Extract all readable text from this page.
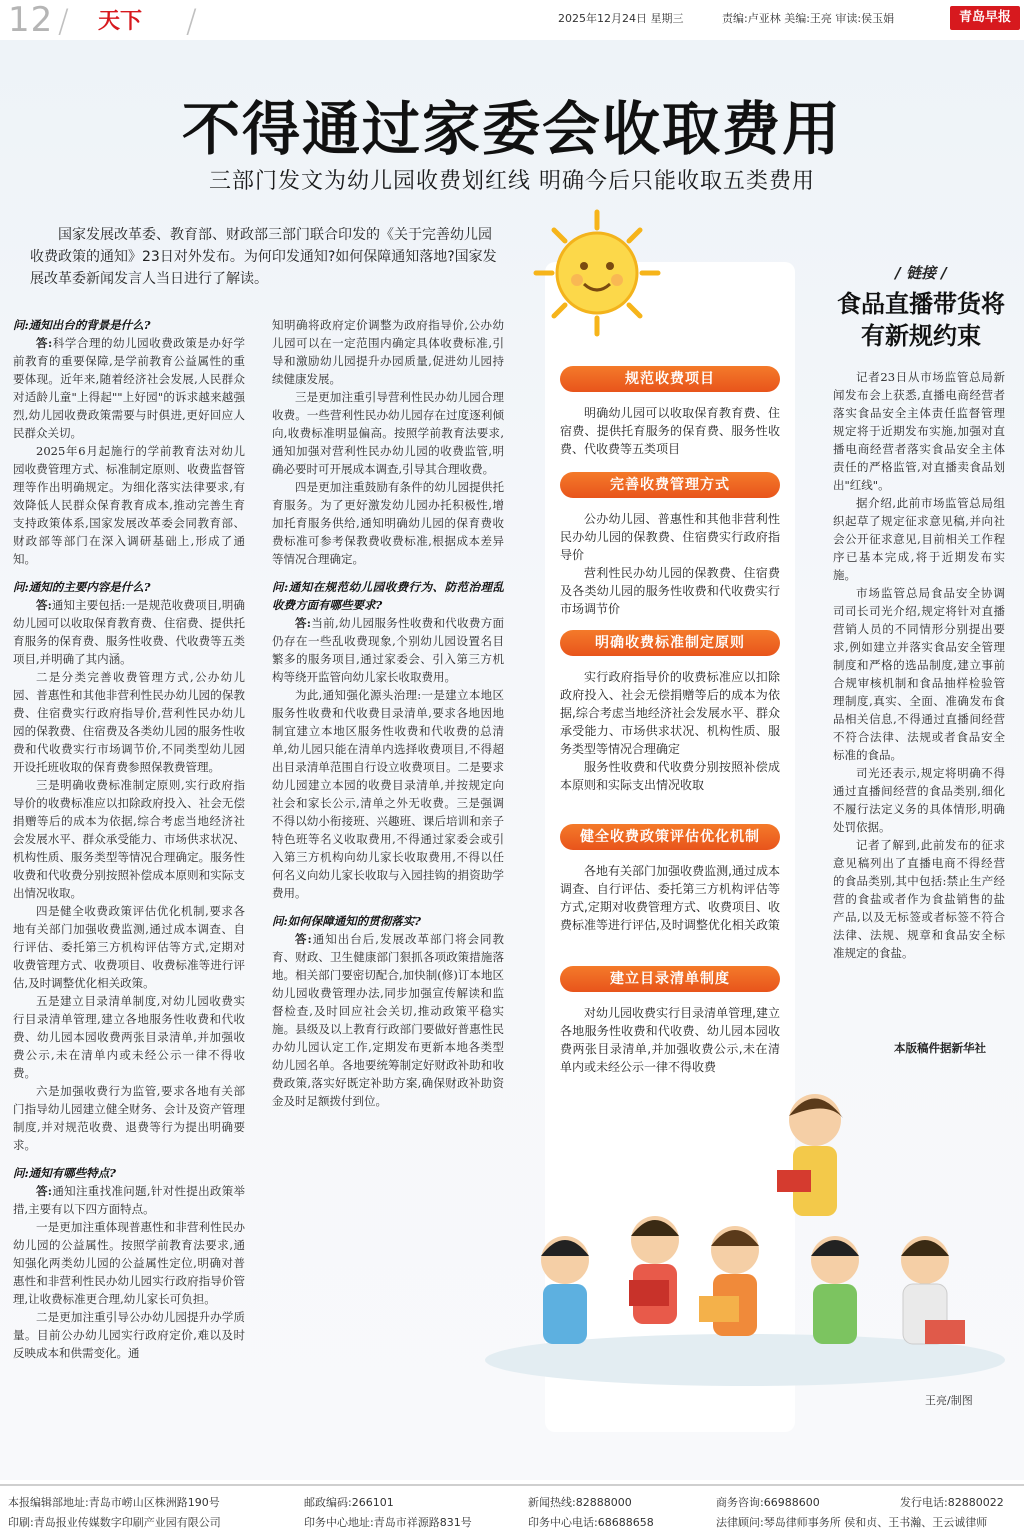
12 / 天下 /	2025年12月24日 星期三	责编:卢亚林 美编:王亮 审读:侯玉娟	青岛早报
不得通过家委会收取费用
三部门发文为幼儿园收费划红线 明确今后只能收取五类费用
国家发展改革委、教育部、财政部三部门联合印发的《关于完善幼儿园收费政策的通知》23日对外发布。为何印发通知?如何保障通知落地?国家发展改革委新闻发言人当日进行了解读。

问:通知出台的背景是什么?

答:科学合理的幼儿园收费政策是办好学前教育的重要保障,是学前教育公益属性的重要体现。近年来,随着经济社会发展,人民群众对适龄儿童"上得起""上好园"的诉求越来越强烈,幼儿园收费政策需要与时俱进,更好回应人民群众关切。

2025年6月起施行的学前教育法对幼儿园收费管理方式、标准制定原则、收费监督管理等作出明确规定。为细化落实法律要求,有效降低人民群众保育教育成本,推动完善生育支持政策体系,国家发展改革委会同教育部、财政部等部门在深入调研基础上,形成了通知。

问:通知的主要内容是什么?

答:通知主要包括:一是规范收费项目,明确幼儿园可以收取保育教育费、住宿费、提供托育服务的保育费、服务性收费、代收费等五类项目,并明确了其内涵。

二是分类完善收费管理方式,公办幼儿园、普惠性和其他非营利性民办幼儿园的保教费、住宿费实行政府指导价,营利性民办幼儿园的保教费、住宿费及各类幼儿园的服务性收费和代收费实行市场调节价,不同类型幼儿园开设托班收取的保育费参照保教费管理。

三是明确收费标准制定原则,实行政府指导价的收费标准应以扣除政府投入、社会无偿捐赠等后的成本为依据,综合考虑当地经济社会发展水平、群众承受能力、市场供求状况、机构性质、服务类型等情况合理确定。服务性收费和代收费分别按照补偿成本原则和实际支出情况收取。

四是健全收费政策评估优化机制,要求各地有关部门加强收费监测,通过成本调查、自行评估、委托第三方机构评估等方式,定期对收费管理方式、收费项目、收费标准等进行评估,及时调整优化相关政策。

五是建立目录清单制度,对幼儿园收费实行目录清单管理,建立各地服务性收费和代收费、幼儿园本园收费两张目录清单,并加强收费公示,未在清单内或未经公示一律不得收费。

六是加强收费行为监管,要求各地有关部门指导幼儿园建立健全财务、会计及资产管理制度,并对规范收费、退费等行为提出明确要求。

问:通知有哪些特点?

答:通知注重找准问题,针对性提出政策举措,主要有以下四方面特点。

一是更加注重体现普惠性和非营利性民办幼儿园的公益属性。按照学前教育法要求,通知强化两类幼儿园的公益属性定位,明确对普惠性和非营利性民办幼儿园实行政府指导价管理,让收费标准更合理,幼儿家长可负担。

二是更加注重引导公办幼儿园提升办学质量。目前公办幼儿园实行政府定价,难以及时反映成本和供需变化。通

知明确将政府定价调整为政府指导价,公办幼儿园可以在一定范围内确定具体收费标准,引导和激励幼儿园提升办园质量,促进幼儿园持续健康发展。

三是更加注重引导营利性民办幼儿园合理收费。一些营利性民办幼儿园存在过度逐利倾向,收费标准明显偏高。按照学前教育法要求,通知加强对营利性民办幼儿园的收费监管,明确必要时可开展成本调查,引导其合理收费。

四是更加注重鼓励有条件的幼儿园提供托育服务。为了更好激发幼儿园办托积极性,增加托育服务供给,通知明确幼儿园的保育费收费标准可参考保教费收费标准,根据成本差异等情况合理确定。

问:通知在规范幼儿园收费行为、防范治理乱收费方面有哪些要求?

答:当前,幼儿园服务性收费和代收费方面仍存在一些乱收费现象,个别幼儿园设置名目繁多的服务项目,通过家委会、引入第三方机构等绕开监管向幼儿家长收取费用。

为此,通知强化源头治理:一是建立本地区服务性收费和代收费目录清单,要求各地因地制宜建立本地区服务性收费和代收费的总清单,幼儿园只能在清单内选择收费项目,不得超出目录清单范围自行设立收费项目。二是要求幼儿园建立本园的收费目录清单,并按规定向社会和家长公示,清单之外无收费。三是强调不得以幼小衔接班、兴趣班、课后培训和亲子特色班等名义收取费用,不得通过家委会或引入第三方机构向幼儿家长收取费用,不得以任何名义向幼儿家长收取与入园挂钩的捐资助学费用。

问:如何保障通知的贯彻落实?

答:通知出台后,发展改革部门将会同教育、财政、卫生健康部门狠抓各项政策措施落地。相关部门要密切配合,加快制(修)订本地区幼儿园收费管理办法,同步加强宣传解读和监督检查,及时回应社会关切,推动政策平稳实施。县级及以上教育行政部门要做好普惠性民办幼儿园认定工作,定期发布更新本地各类型幼儿园名单。各地要统筹制定好财政补助和收费政策,落实好既定补助方案,确保财政补助资金及时足额拨付到位。

规范收费项目

明确幼儿园可以收取保育教育费、住宿费、提供托育服务的保育费、服务性收费、代收费等五类项目

完善收费管理方式

公办幼儿园、普惠性和其他非营利性民办幼儿园的保教费、住宿费实行政府指导价

营利性民办幼儿园的保教费、住宿费及各类幼儿园的服务性收费和代收费实行市场调节价

明确收费标准制定原则

实行政府指导价的收费标准应以扣除政府投入、社会无偿捐赠等后的成本为依据,综合考虑当地经济社会发展水平、群众承受能力、市场供求状况、机构性质、服务类型等情况合理确定

服务性收费和代收费分别按照补偿成本原则和实际支出情况收取

健全收费政策评估优化机制

各地有关部门加强收费监测,通过成本调查、自行评估、委托第三方机构评估等方式,定期对收费管理方式、收费项目、收费标准等进行评估,及时调整优化相关政策

建立目录清单制度

对幼儿园收费实行目录清单管理,建立各地服务性收费和代收费、幼儿园本园收费两张目录清单,并加强收费公示,未在清单内或未经公示一律不得收费

王亮/制图
/ 链接 /
食品直播带货将有新规约束

记者23日从市场监管总局新闻发布会上获悉,直播电商经营者落实食品安全主体责任监督管理规定将于近期发布实施,加强对直播电商经营者落实食品安全主体责任的严格监管,对直播卖食品划出"红线"。

据介绍,此前市场监管总局组织起草了规定征求意见稿,并向社会公开征求意见,目前相关工作程序已基本完成,将于近期发布实施。

市场监管总局食品安全协调司司长司光介绍,规定将针对直播营销人员的不同情形分别提出要求,例如建立并落实食品安全管理制度和严格的选品制度,建立事前合规审核机制和食品抽样检验管理制度,真实、全面、准确发布食品相关信息,不得通过直播间经营不符合法律、法规或者食品安全标准的食品。

司光还表示,规定将明确不得通过直播间经营的食品类别,细化不履行法定义务的具体情形,明确处罚依据。

记者了解到,此前发布的征求意见稿列出了直播电商不得经营的食品类别,其中包括:禁止生产经营的食盐或者作为食盐销售的盐产品,以及无标签或者标签不符合法律、法规、规章和食品安全标准规定的食盐。

本版稿件据新华社
本报编辑部地址:青岛市崂山区株洲路190号	邮政编码:266101	新闻热线:82888000	商务咨询:66988600	发行电话:82880022
印刷:青岛报业传媒数字印刷产业园有限公司	印务中心地址:青岛市祥源路831号	印务中心电话:68688658	法律顾问:琴岛律师事务所 侯和贞、王书瀚、王云诚律师
